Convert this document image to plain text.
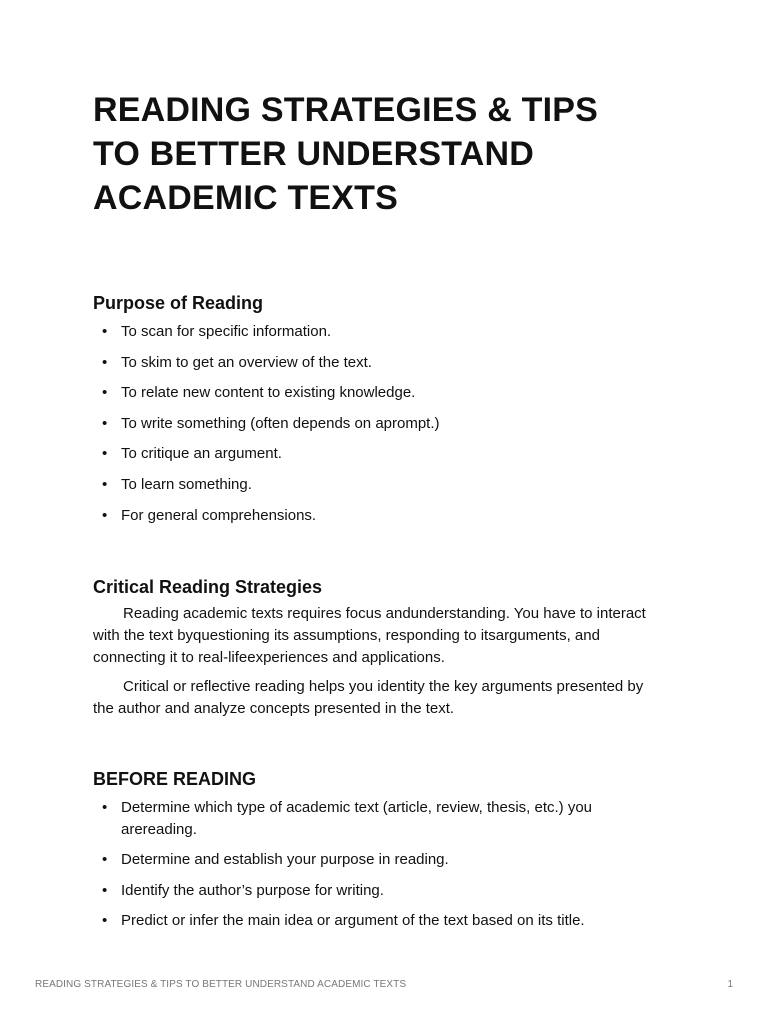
READING STRATEGIES & TIPS
TO BETTER UNDERSTAND
ACADEMIC TEXTS
Purpose of Reading
• To scan for specific information.
• To skim to get an overview of the text.
• To relate new content to existing knowledge.
• To write something (often depends on aprompt.)
• To critique an argument.
• To learn something.
• For general comprehensions.
Critical Reading Strategies

Reading academic texts requires focus andunderstanding. You have to interact with the text byquestioning its assumptions, responding to itsarguments, and connecting it to real-lifeexperiences and applications.

Critical or reflective reading helps you identity the key arguments presented by the author and analyze concepts presented in the text.

BEFORE READING
• Determine which type of academic text (article, review, thesis, etc.) you arereading.
• Determine and establish your purpose in reading.
• Identify the author’s purpose for writing.
• Predict or infer the main idea or argument of the text based on its title.
READING STRATEGIES & TIPS TO BETTER UNDERSTAND ACADEMIC TEXTS	1
